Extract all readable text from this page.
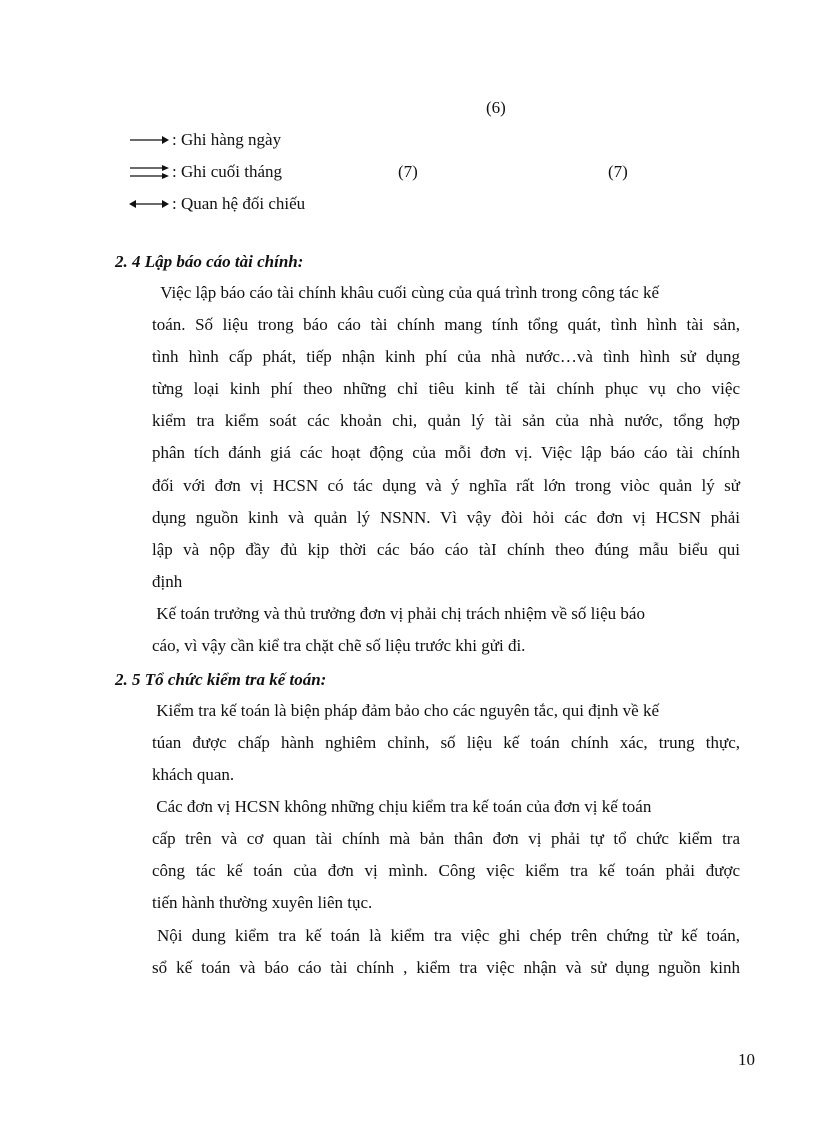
(6)
(7)	(7)
: Ghi hàng ngày
: Ghi cuối tháng
: Quan hệ đối chiếu
2. 4 Lập báo cáo tài chính:
Việc lập báo cáo tài chính khâu cuối cùng của quá trình trong công tác kế
toán. Số liệu trong báo cáo tài chính mang tính tổng quát, tình hình tài sản,
tình hình cấp phát, tiếp nhận kinh phí của nhà nước…và tình hình sử dụng
từng loại kinh phí theo những chỉ tiêu kinh tế tài chính phục vụ cho việc
kiểm tra kiểm soát các khoản chi, quản lý tài sản của nhà nước, tổng hợp
phân tích đánh giá các hoạt động của mỗi đơn vị. Việc lập báo cáo tài chính
đối với đơn vị HCSN có tác dụng và ý nghĩa rất lớn trong viòc quản lý sử
dụng nguồn kinh và quản lý NSNN. Vì vậy đòi hỏi các đơn vị HCSN phải
lập và nộp đầy đủ kịp thời các báo cáo tàI chính theo đúng mẫu biểu qui
định
Kế toán trưởng và thủ trưởng đơn vị phải chị trách nhiệm về số liệu báo
cáo, vì vậy cần kiể tra chặt chẽ số liệu trước khi gửi đi.
2. 5 Tổ chức kiểm tra kế toán:
Kiểm tra kế toán là biện pháp đảm bảo cho các nguyên tắc, qui định về kế
túan được chấp hành nghiêm chỉnh, số liệu kế toán chính xác, trung thực,
khách quan.
Các đơn vị HCSN không những chịu kiểm tra kế toán của đơn vị kế toán
cấp trên và cơ quan tài chính mà bản thân đơn vị phải tự tổ chức kiểm tra
công tác kế toán của đơn vị mình. Công việc kiểm tra kế toán phải được
tiến hành thường xuyên liên tục.
Nội dung kiểm tra kế toán là kiểm tra việc ghi chép trên chứng từ kế toán,
sổ kế toán và báo cáo tài chính , kiểm tra việc nhận và sử dụng nguồn kinh
10
